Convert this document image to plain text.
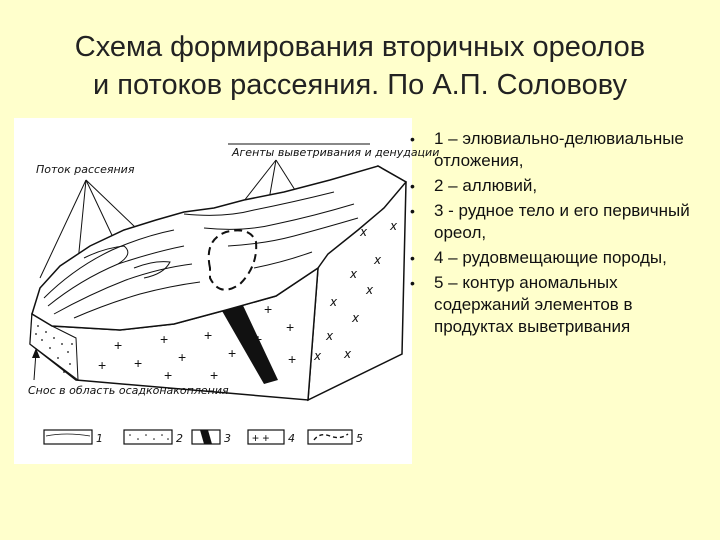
Схема формирования вторичных ореолов
и потоков рассеяния. По А.П. Соловову
Агенты выветривания и денудации
Поток рассеяния
x
x
x
x
x
x
x
x
x
x
+	+	+
+	+	+
+
+
+
+
+
+	+
Снос в область осадконакопления
1	2	3 + + 4	5
• 1 – элювиально-делювиальные отложения,
• 2 – аллювий,
• 3 - рудное тело и его первичный ореол,
• 4 – рудовмещающие породы,
• 5 – контур аномальных содержаний элементов в продуктах выветривания
